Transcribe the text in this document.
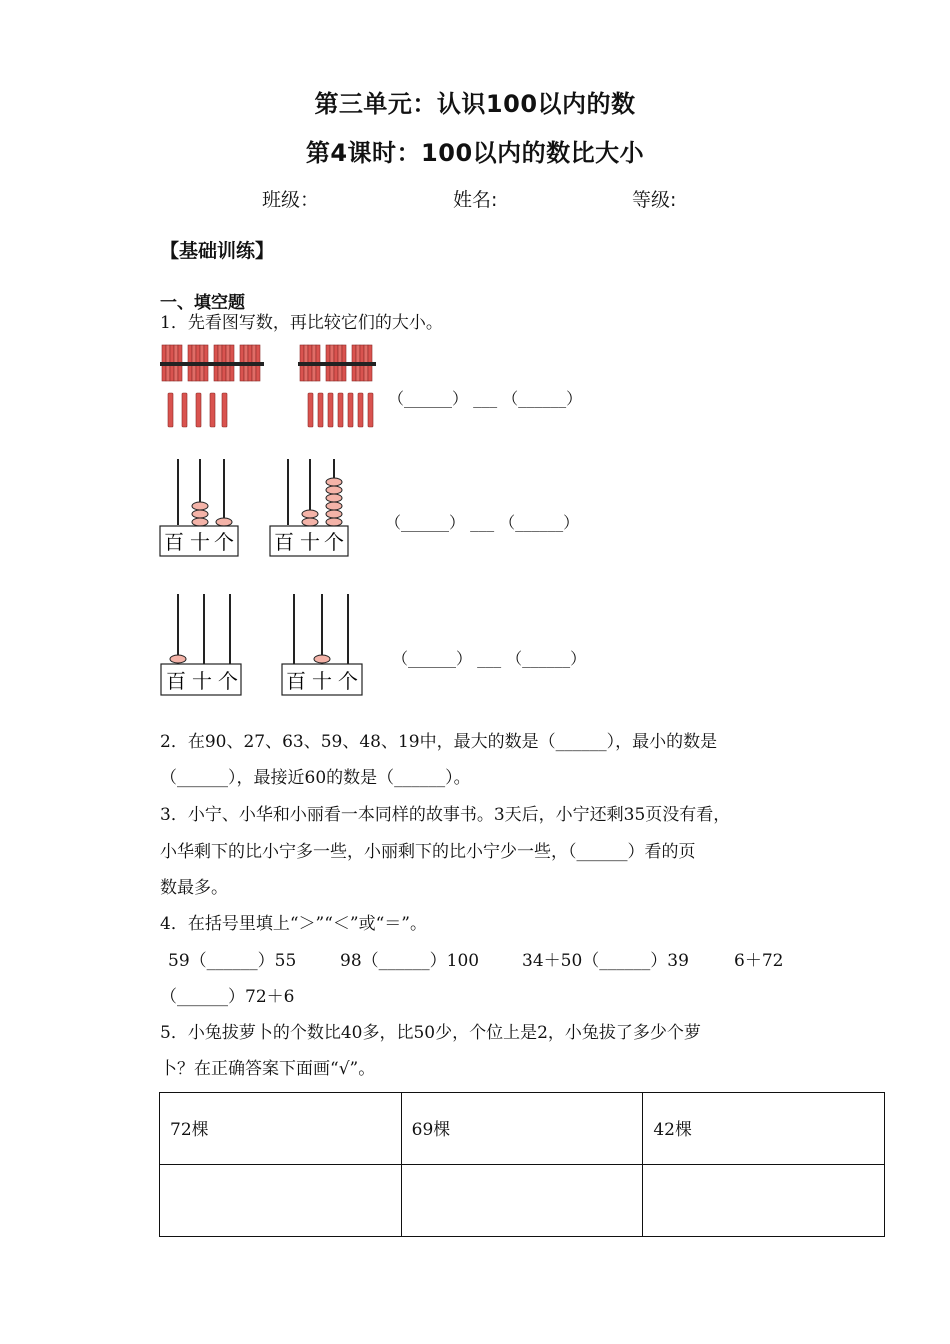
第三单元：认识100以内的数
第4课时：100以内的数比大小
班级：	姓名:	等级:
【基础训练】
一、填空题
1．先看图写数，再比较它们的大小。
（______） ___ （______）
百 十 个 百 十 个
（______） ___ （______）
百 十 个 百 十 个
（______） ___ （______）
2．在90、27、63、59、48、19中，最大的数是（______），最小的数是
（______），最接近60的数是（______）。
3．小宁、小华和小丽看一本同样的故事书。3天后，小宁还剩35页没有看，
小华剩下的比小宁多一些，小丽剩下的比小宁少一些，（______）看的页
数最多。
4．在括号里填上“＞”“＜”或“＝”。
59（______）55	98（______）100	34＋50（______）39	6＋72
（______）72＋6
5．小兔拔萝卜的个数比40多，比50少，个位上是2，小兔拔了多少个萝
卜？在正确答案下面画“√”。
72棵	69棵	42棵
